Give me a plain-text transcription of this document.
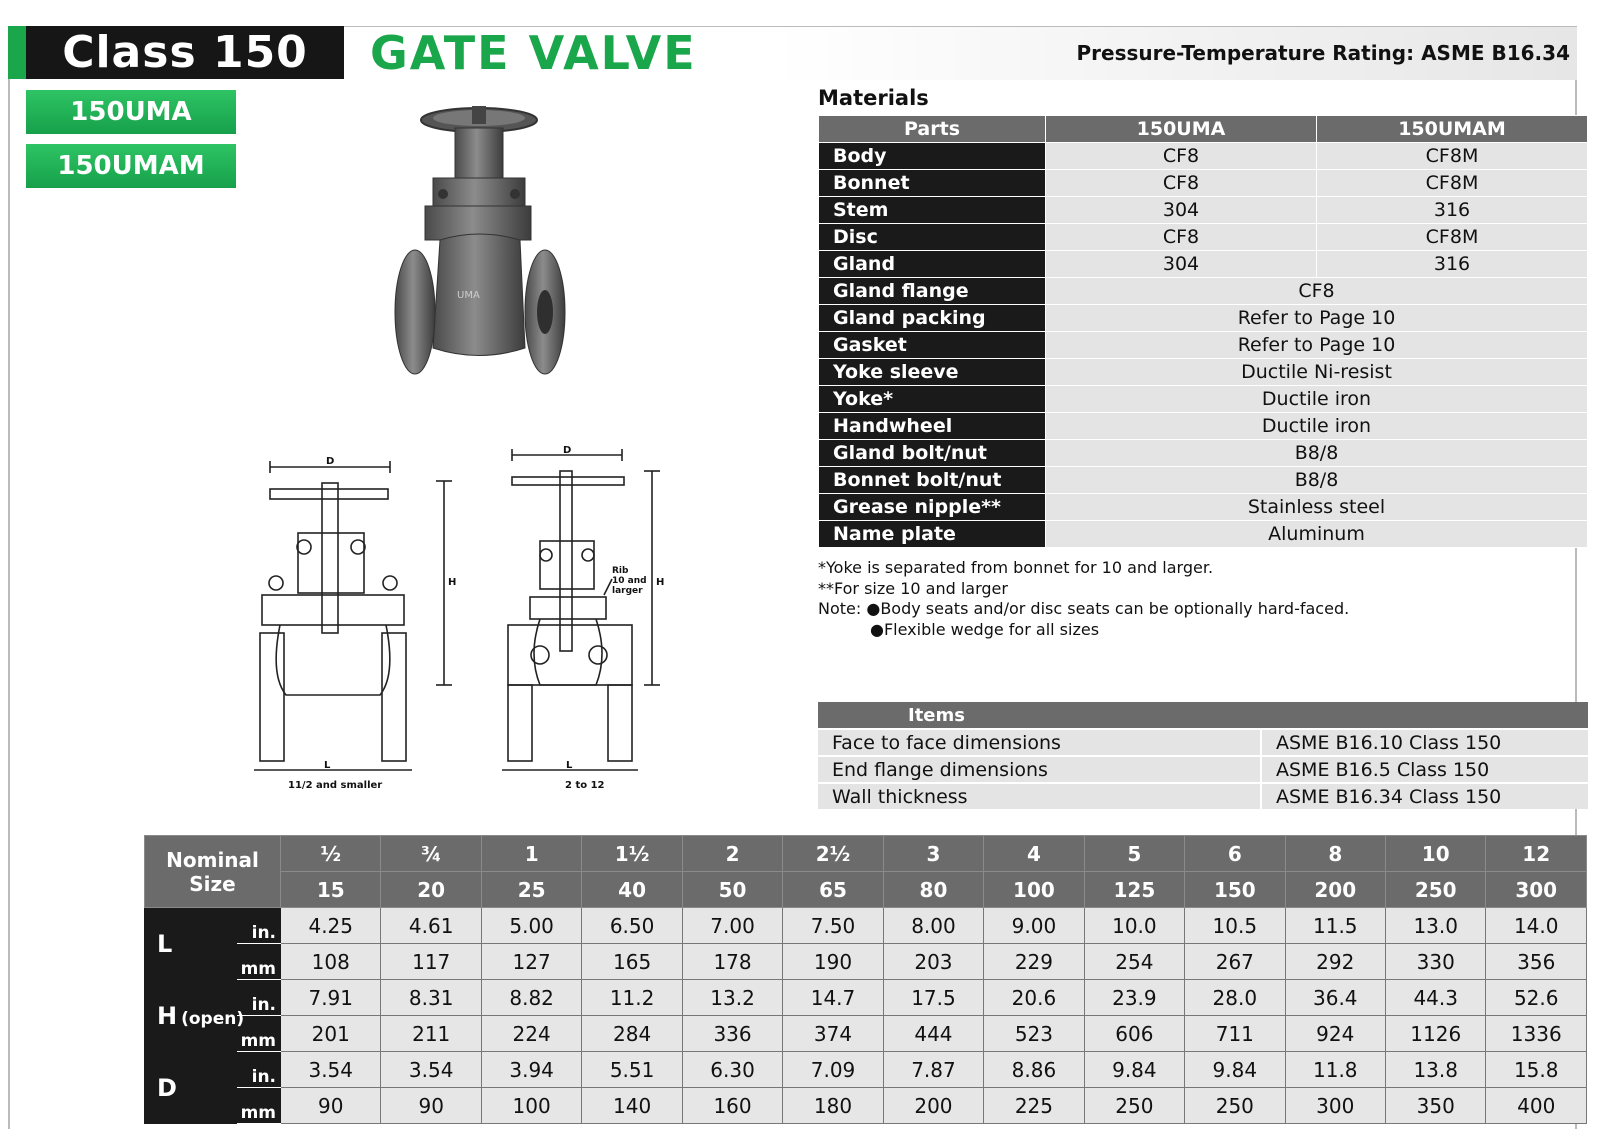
Class 150	GATE VALVE	Pressure-Temperature Rating: ASME B16.34
150UMA
150UMAM
UMA
D
H
L
D
H
L
Rib
10 and
larger
11/2 and smaller	2 to 12
Materials
Parts	150UMA	150UMAM
Body	CF8	CF8M
Bonnet	CF8	CF8M
Stem	304	316
Disc	CF8	CF8M
Gland	304	316
Gland flange	CF8	
Gland packing	Refer to Page 10	
Gasket	Refer to Page 10	
Yoke sleeve	Ductile Ni-resist	
Yoke*	Ductile iron	
Handwheel	Ductile iron	
Gland bolt/nut	B8/8	
Bonnet bolt/nut	B8/8	
Grease nipple**	Stainless steel	
Name plate	Aluminum	
*Yoke is separated from bonnet for 10 and larger.
**For size 10 and larger
Note: ●Body seats and/or disc seats can be optionally hard-faced.
●Flexible wedge for all sizes
Items	
Face to face dimensions	ASME B16.10 Class 150
End flange dimensions	ASME B16.5 Class 150
Wall thickness	ASME B16.34 Class 150
Nominal
Size		½	¾	1	1½	2	2½	3	4	5	6	8	10	12
		15	20	25	40	50	65	80	100	125	150	200	250	300
L	in.	4.25	4.61	5.00	6.50	7.00	7.50	8.00	9.00	10.0	10.5	11.5	13.0	14.0
	mm	108	117	127	165	178	190	203	229	254	267	292	330	356
H (open)	in.	7.91	8.31	8.82	11.2	13.2	14.7	17.5	20.6	23.9	28.0	36.4	44.3	52.6
	mm	201	211	224	284	336	374	444	523	606	711	924	1126	1336
D	in.	3.54	3.54	3.94	5.51	6.30	7.09	7.87	8.86	9.84	9.84	11.8	13.8	15.8
	mm	90	90	100	140	160	180	200	225	250	250	300	350	400
